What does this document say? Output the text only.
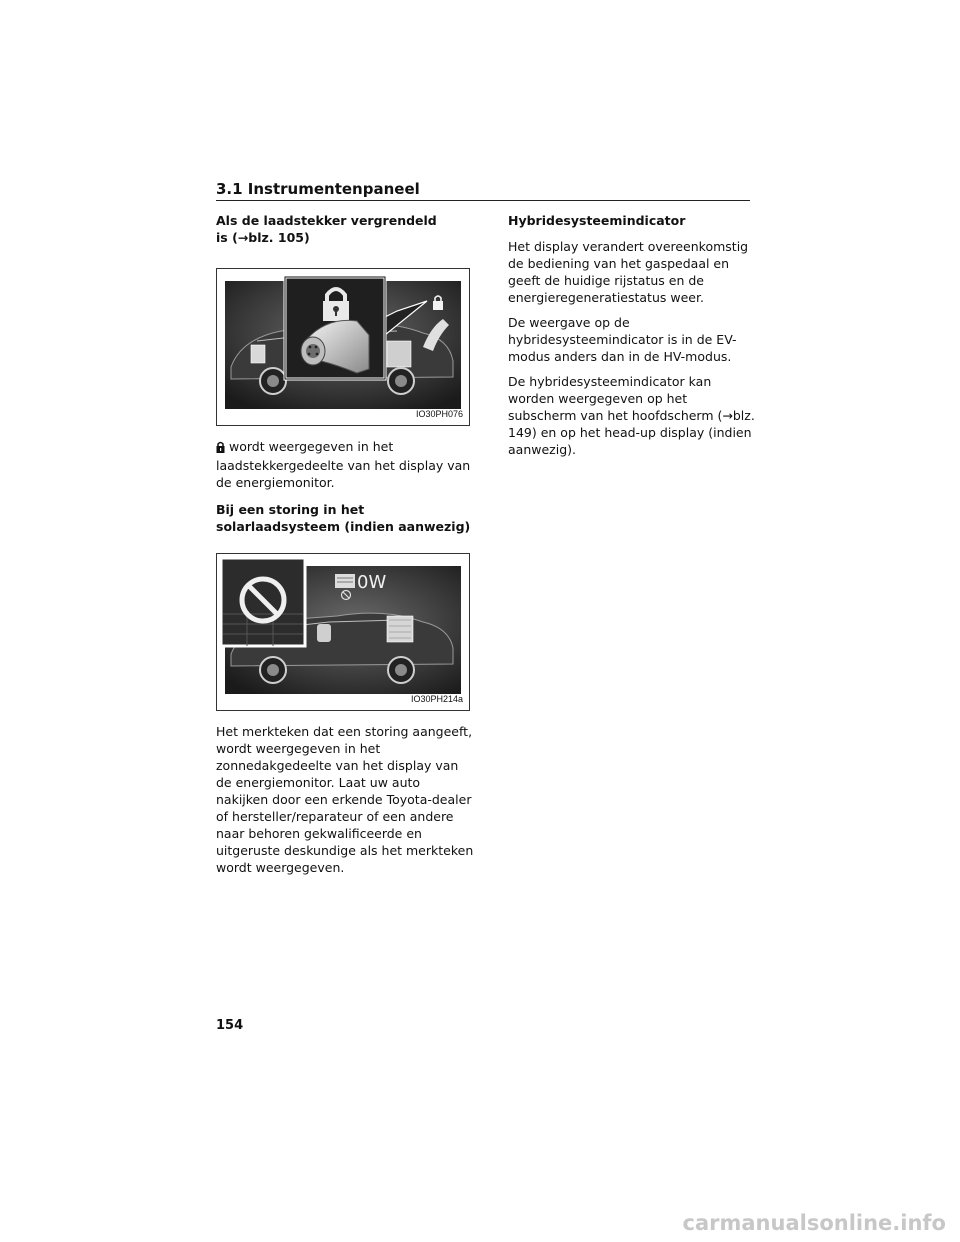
3.1 Instrumentenpaneel
Als de laadstekker vergrendeld is (→blz. 105)
IO30PH076
wordt weergegeven in het laadstekkergedeelte van het display van de energiemonitor.
Bij een storing in het solarlaadsysteem (indien aanwezig)
0W
IO30PH214a
Het merkteken dat een storing aangeeft, wordt weergegeven in het zonnedakgedeelte van het display van de energiemonitor. Laat uw auto nakijken door een erkende Toyota-dealer of hersteller/reparateur of een andere naar behoren gekwalificeerde en uitgeruste deskundige als het merkteken wordt weergegeven.
Hybridesysteemindicator
Het display verandert overeenkomstig de bediening van het gaspedaal en geeft de huidige rijstatus en de energieregeneratiestatus weer.
De weergave op de hybridesysteemindicator is in de EV-modus anders dan in de HV-modus.
De hybridesysteemindicator kan worden weergegeven op het subscherm van het hoofdscherm (→blz. 149) en op het head-up display (indien aanwezig).
154
carmanualsonline.info
